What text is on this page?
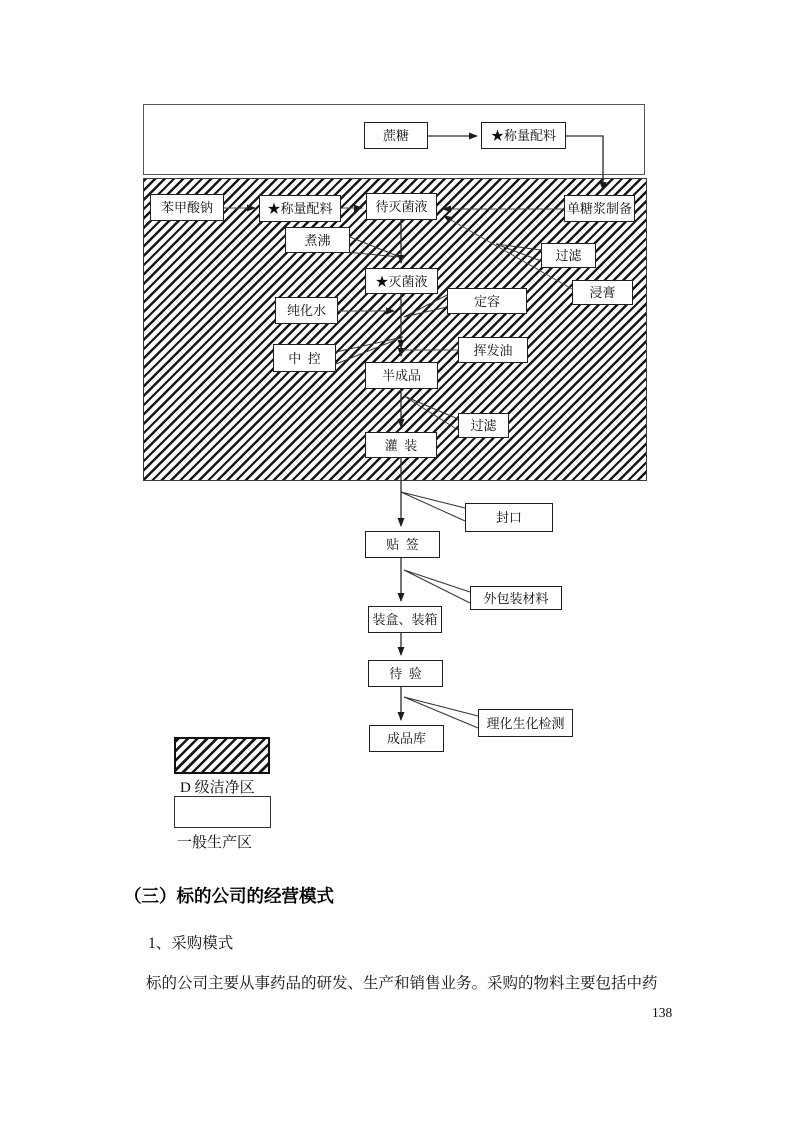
蔗糖	★称量配料
苯甲酸钠	★称量配料	待灭菌液	单糖浆制备
煮沸
过滤
浸膏
★灭菌液
纯化水
定容
中  控
挥发油
半成品
过滤
灌  装
封口
贴  签
外包装材料
装盒、装箱
待  验
理化生化检测
成品库
D 级洁净区
一般生产区
（三）标的公司的经营模式
1、采购模式
标的公司主要从事药品的研发、生产和销售业务。采购的物料主要包括中药
138
